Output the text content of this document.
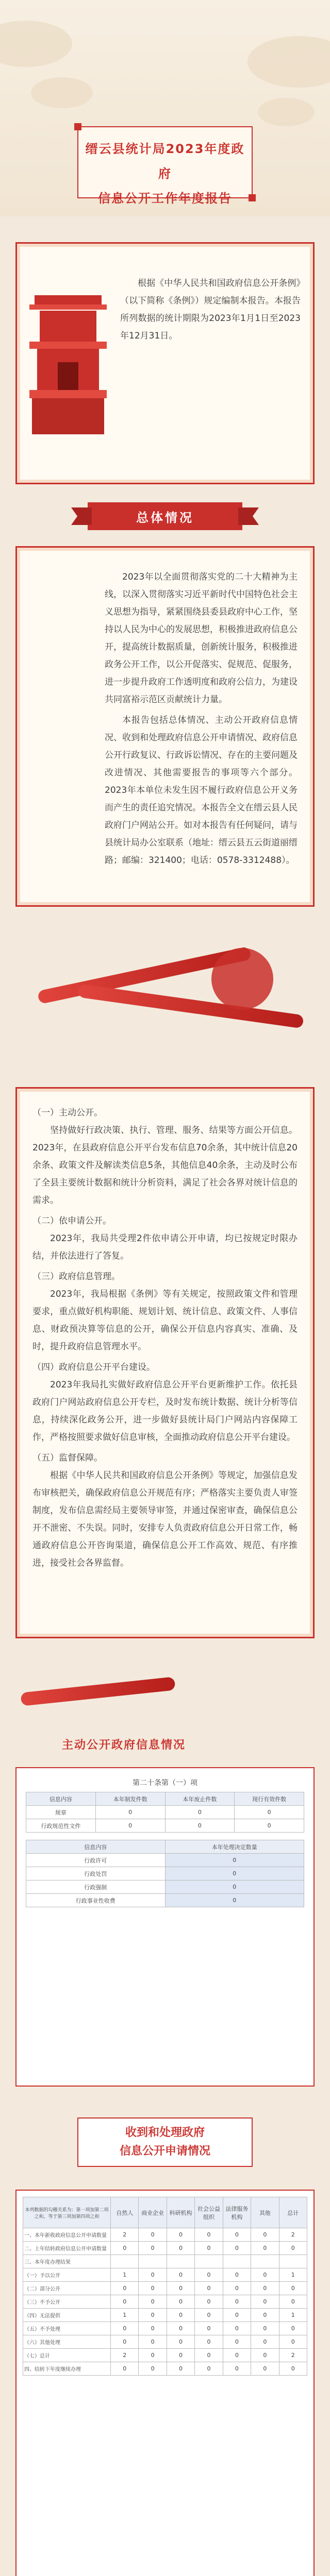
缙云县统计局2023年度政府
信息公开工作年度报告

根据《中华人民共和国政府信息公开条例》（以下简称《条例》）规定编制本报告。本报告所列数据的统计期限为2023年1月1日至2023年12月31日。

总体情况

2023年以全面贯彻落实党的二十大精神为主线，以深入贯彻落实习近平新时代中国特色社会主义思想为指导，紧紧围绕县委县政府中心工作，坚持以人民为中心的发展思想，积极推进政府信息公开，提高统计数据质量，创新统计服务，积极推进政务公开工作，以公开促落实、促规范、促服务，进一步提升政府工作透明度和政府公信力，为建设共同富裕示范区贡献统计力量。

本报告包括总体情况、主动公开政府信息情况、收到和处理政府信息公开申请情况、政府信息公开行政复议、行政诉讼情况、存在的主要问题及改进情况、其他需要报告的事项等六个部分。2023年本单位未发生因不履行政府信息公开义务而产生的责任追究情况。本报告全文在缙云县人民政府门户网站公开。如对本报告有任何疑问，请与县统计局办公室联系（地址：缙云县五云街道丽缙路；邮编：321400；电话：0578-3312488）。

（一）主动公开。

坚持做好行政决策、执行、管理、服务、结果等方面公开信息。2023年，在县政府信息公开平台发布信息70余条，其中统计信息20余条、政策文件及解读类信息5条，其他信息40余条，主动及时公布了全县主要统计数据和统计分析资料，满足了社会各界对统计信息的需求。

（二）依申请公开。

2023年，我局共受理2件依申请公开申请，均已按规定时限办结，并依法进行了答复。

（三）政府信息管理。

2023年，我局根据《条例》等有关规定，按照政策文件和管理要求，重点做好机构职能、规划计划、统计信息、政策文件、人事信息、财政预决算等信息的公开，确保公开信息内容真实、准确、及时，提升政府信息管理水平。

（四）政府信息公开平台建设。

2023年我局扎实做好政府信息公开平台更新维护工作。依托县政府门户网站政府信息公开专栏，及时发布统计数据、统计分析等信息，持续深化政务公开，进一步做好县统计局门户网站内容保障工作，严格按照要求做好信息审核，全面推动政府信息公开平台建设。

（五）监督保障。

根据《中华人民共和国政府信息公开条例》等规定，加强信息发布审核把关，确保政府信息公开规范有序；严格落实主要负责人审签制度，发布信息需经局主要领导审签，并通过保密审查，确保信息公开不泄密、不失误。同时，安排专人负责政府信息公开日常工作，畅通政府信息公开咨询渠道，确保信息公开工作高效、规范、有序推进，接受社会各界监督。

主动公开政府信息情况
第二十条第（一）项
信息内容	本年制发件数	本年废止件数	现行有效件数
规章	0	0	0
行政规范性文件	0	0	0
信息内容	本年处理决定数量
行政许可	0
行政处罚	0
行政强制	0
行政事业性收费	0
收到和处理政府
信息公开申请情况
本列数据的勾稽关系为：第一项加第二项之和，等于第三项加第四项之和	自然人	商业企业	科研机构	社会公益组织	法律服务机构	其他	总计
一、本年新收政府信息公开申请数量	2	0	0	0	0	0	2
二、上年结转政府信息公开申请数量	0	0	0	0	0	0	0
三、本年度办理结果							
（一）予以公开	1	0	0	0	0	0	1
（二）部分公开	0	0	0	0	0	0	0
（三）不予公开	0	0	0	0	0	0	0
（四）无法提供	1	0	0	0	0	0	1
（五）不予处理	0	0	0	0	0	0	0
（六）其他处理	0	0	0	0	0	0	0
（七）总计	2	0	0	0	0	0	2
四、结转下年度继续办理	0	0	0	0	0	0	0
